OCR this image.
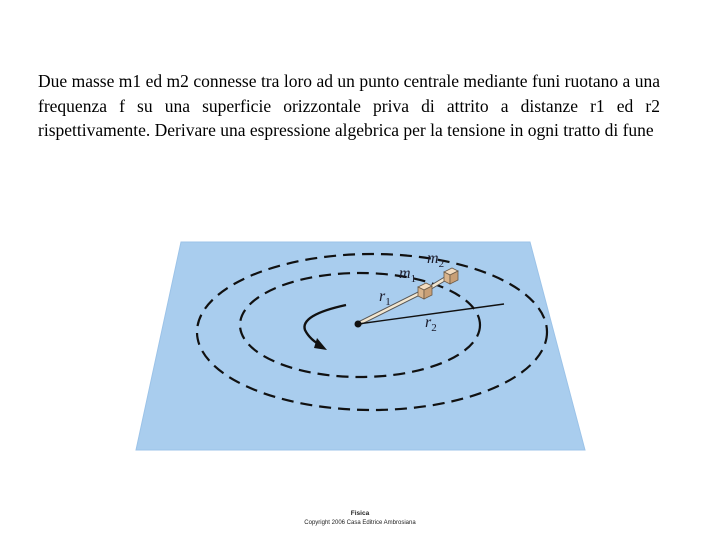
Due masse m1 ed m2 connesse tra loro ad un punto centrale mediante funi ruotano a una frequenza f su una superficie orizzontale priva di attrito a distanze r1 ed r2 rispettivamente. Derivare una espressione algebrica per la tensione in ogni tratto di fune

$m_2$
$m_1$
$r_1$
$r_2$
Fisica
Copyright 2006 Casa Editrice Ambrosiana
